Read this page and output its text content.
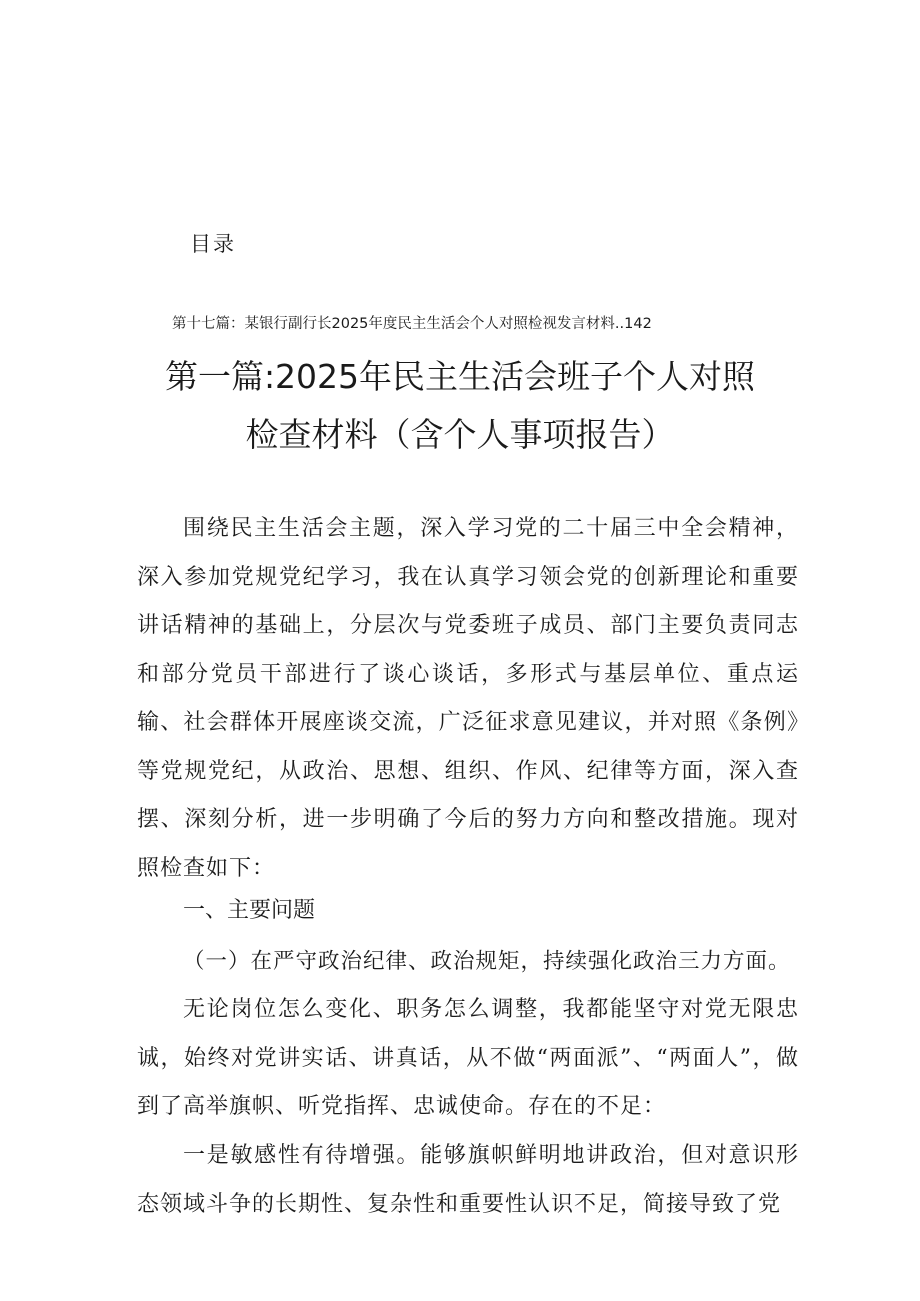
目录

第十七篇：某银行副行长2025年度民主生活会个人对照检视发言材料..142

第一篇:2025年民主生活会班子个人对照
检查材料（含个人事项报告）

围绕民主生活会主题，深入学习党的二十届三中全会精神，深入参加党规党纪学习，我在认真学习领会党的创新理论和重要讲话精神的基础上，分层次与党委班子成员、部门主要负责同志和部分党员干部进行了谈心谈话，多形式与基层单位、重点运输、社会群体开展座谈交流，广泛征求意见建议，并对照《条例》等党规党纪，从政治、思想、组织、作风、纪律等方面，深入查摆、深刻分析，进一步明确了今后的努力方向和整改措施。现对照检查如下：

一、主要问题

（一）在严守政治纪律、政治规矩，持续强化政治三力方面。

无论岗位怎么变化、职务怎么调整，我都能坚守对党无限忠诚，始终对党讲实话、讲真话，从不做“两面派”、“两面人”，做到了高举旗帜、听党指挥、忠诚使命。存在的不足：

一是敏感性有待增强。能够旗帜鲜明地讲政治，但对意识形态领域斗争的长期性、复杂性和重要性认识不足，简接导致了党
